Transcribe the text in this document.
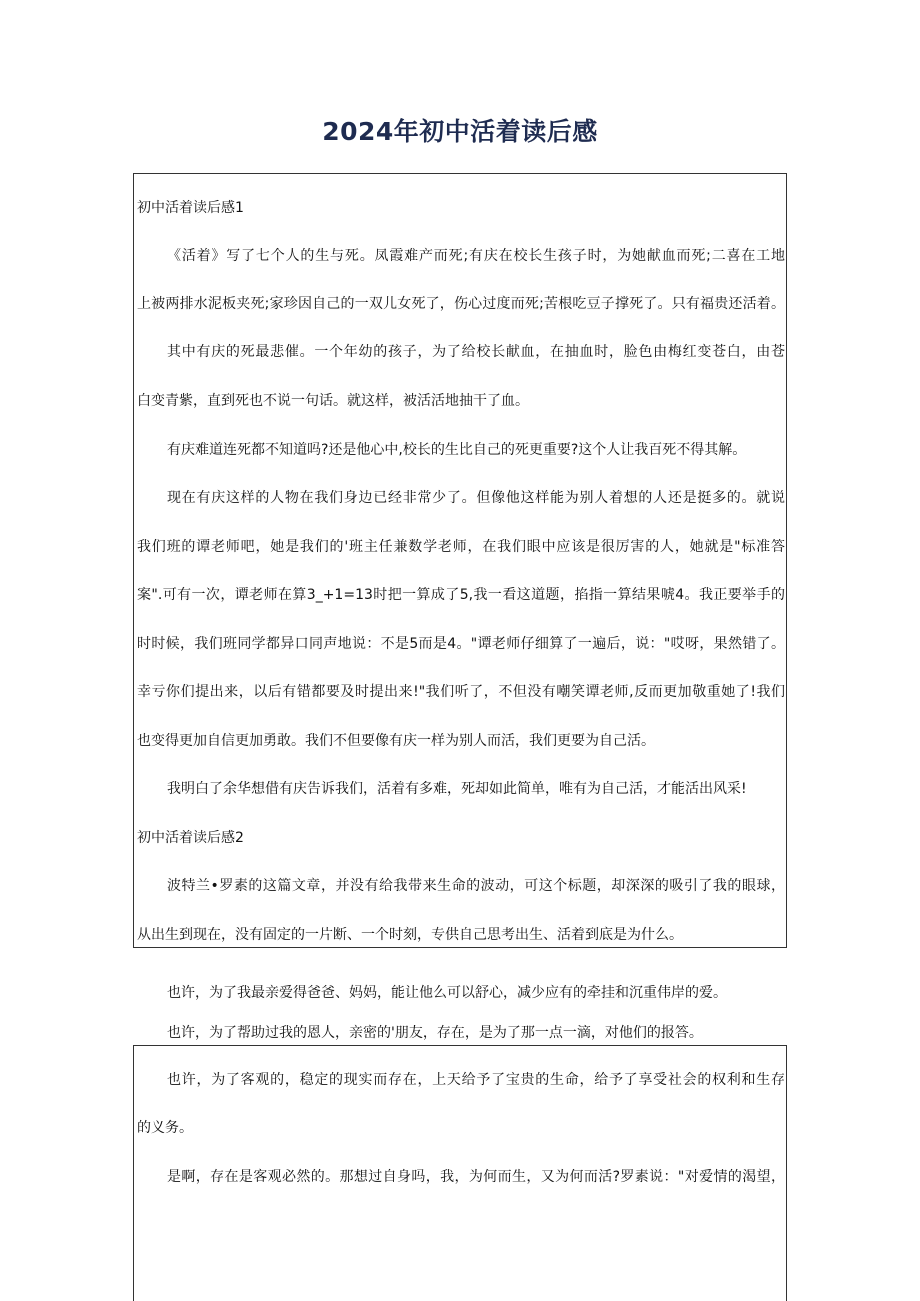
2024年初中活着读后感
初中活着读后感1
《活着》写了七个人的生与死。凤霞难产而死;有庆在校长生孩子时，为她献血而死;二喜在工地
上被两排水泥板夹死;家珍因自己的一双儿女死了，伤心过度而死;苦根吃豆子撑死了。只有福贵还活着。
其中有庆的死最悲催。一个年幼的孩子，为了给校长献血，在抽血时，脸色由梅红变苍白，由苍
白变青紫，直到死也不说一句话。就这样，被活活地抽干了血。
有庆难道连死都不知道吗?还是他心中,校长的生比自己的死更重要?这个人让我百死不得其解。
现在有庆这样的人物在我们身边已经非常少了。但像他这样能为别人着想的人还是挺多的。就说
我们班的谭老师吧，她是我们的'班主任兼数学老师，在我们眼中应该是很厉害的人，她就是"标准答
案".可有一次，谭老师在算3_+1=13时把一算成了5,我一看这道题，掐指一算结果唬4。我正要举手的
时时候，我们班同学都异口同声地说：不是5而是4。"谭老师仔细算了一遍后，说："哎呀，果然错了。
幸亏你们提出来，以后有错都要及时提出来!"我们听了，不但没有嘲笑谭老师,反而更加敬重她了!我们
也变得更加自信更加勇敢。我们不但要像有庆一样为别人而活，我们更要为自己活。
我明白了余华想借有庆告诉我们，活着有多难，死却如此简单，唯有为自己活，才能活出风采!
初中活着读后感2
波特兰•罗素的这篇文章，并没有给我带来生命的波动，可这个标题，却深深的吸引了我的眼球，
从出生到现在，没有固定的一片断、一个时刻，专供自己思考出生、活着到底是为什么。
也许，为了我最亲爱得爸爸、妈妈，能让他么可以舒心，减少应有的牵挂和沉重伟岸的爱。
也许，为了帮助过我的恩人，亲密的'朋友，存在，是为了那一点一滴，对他们的报答。
也许，为了客观的，稳定的现实而存在，上天给予了宝贵的生命，给予了享受社会的权利和生存
的义务。
是啊，存在是客观必然的。那想过自身吗，我，为何而生，又为何而活?罗素说："对爱情的渴望，
